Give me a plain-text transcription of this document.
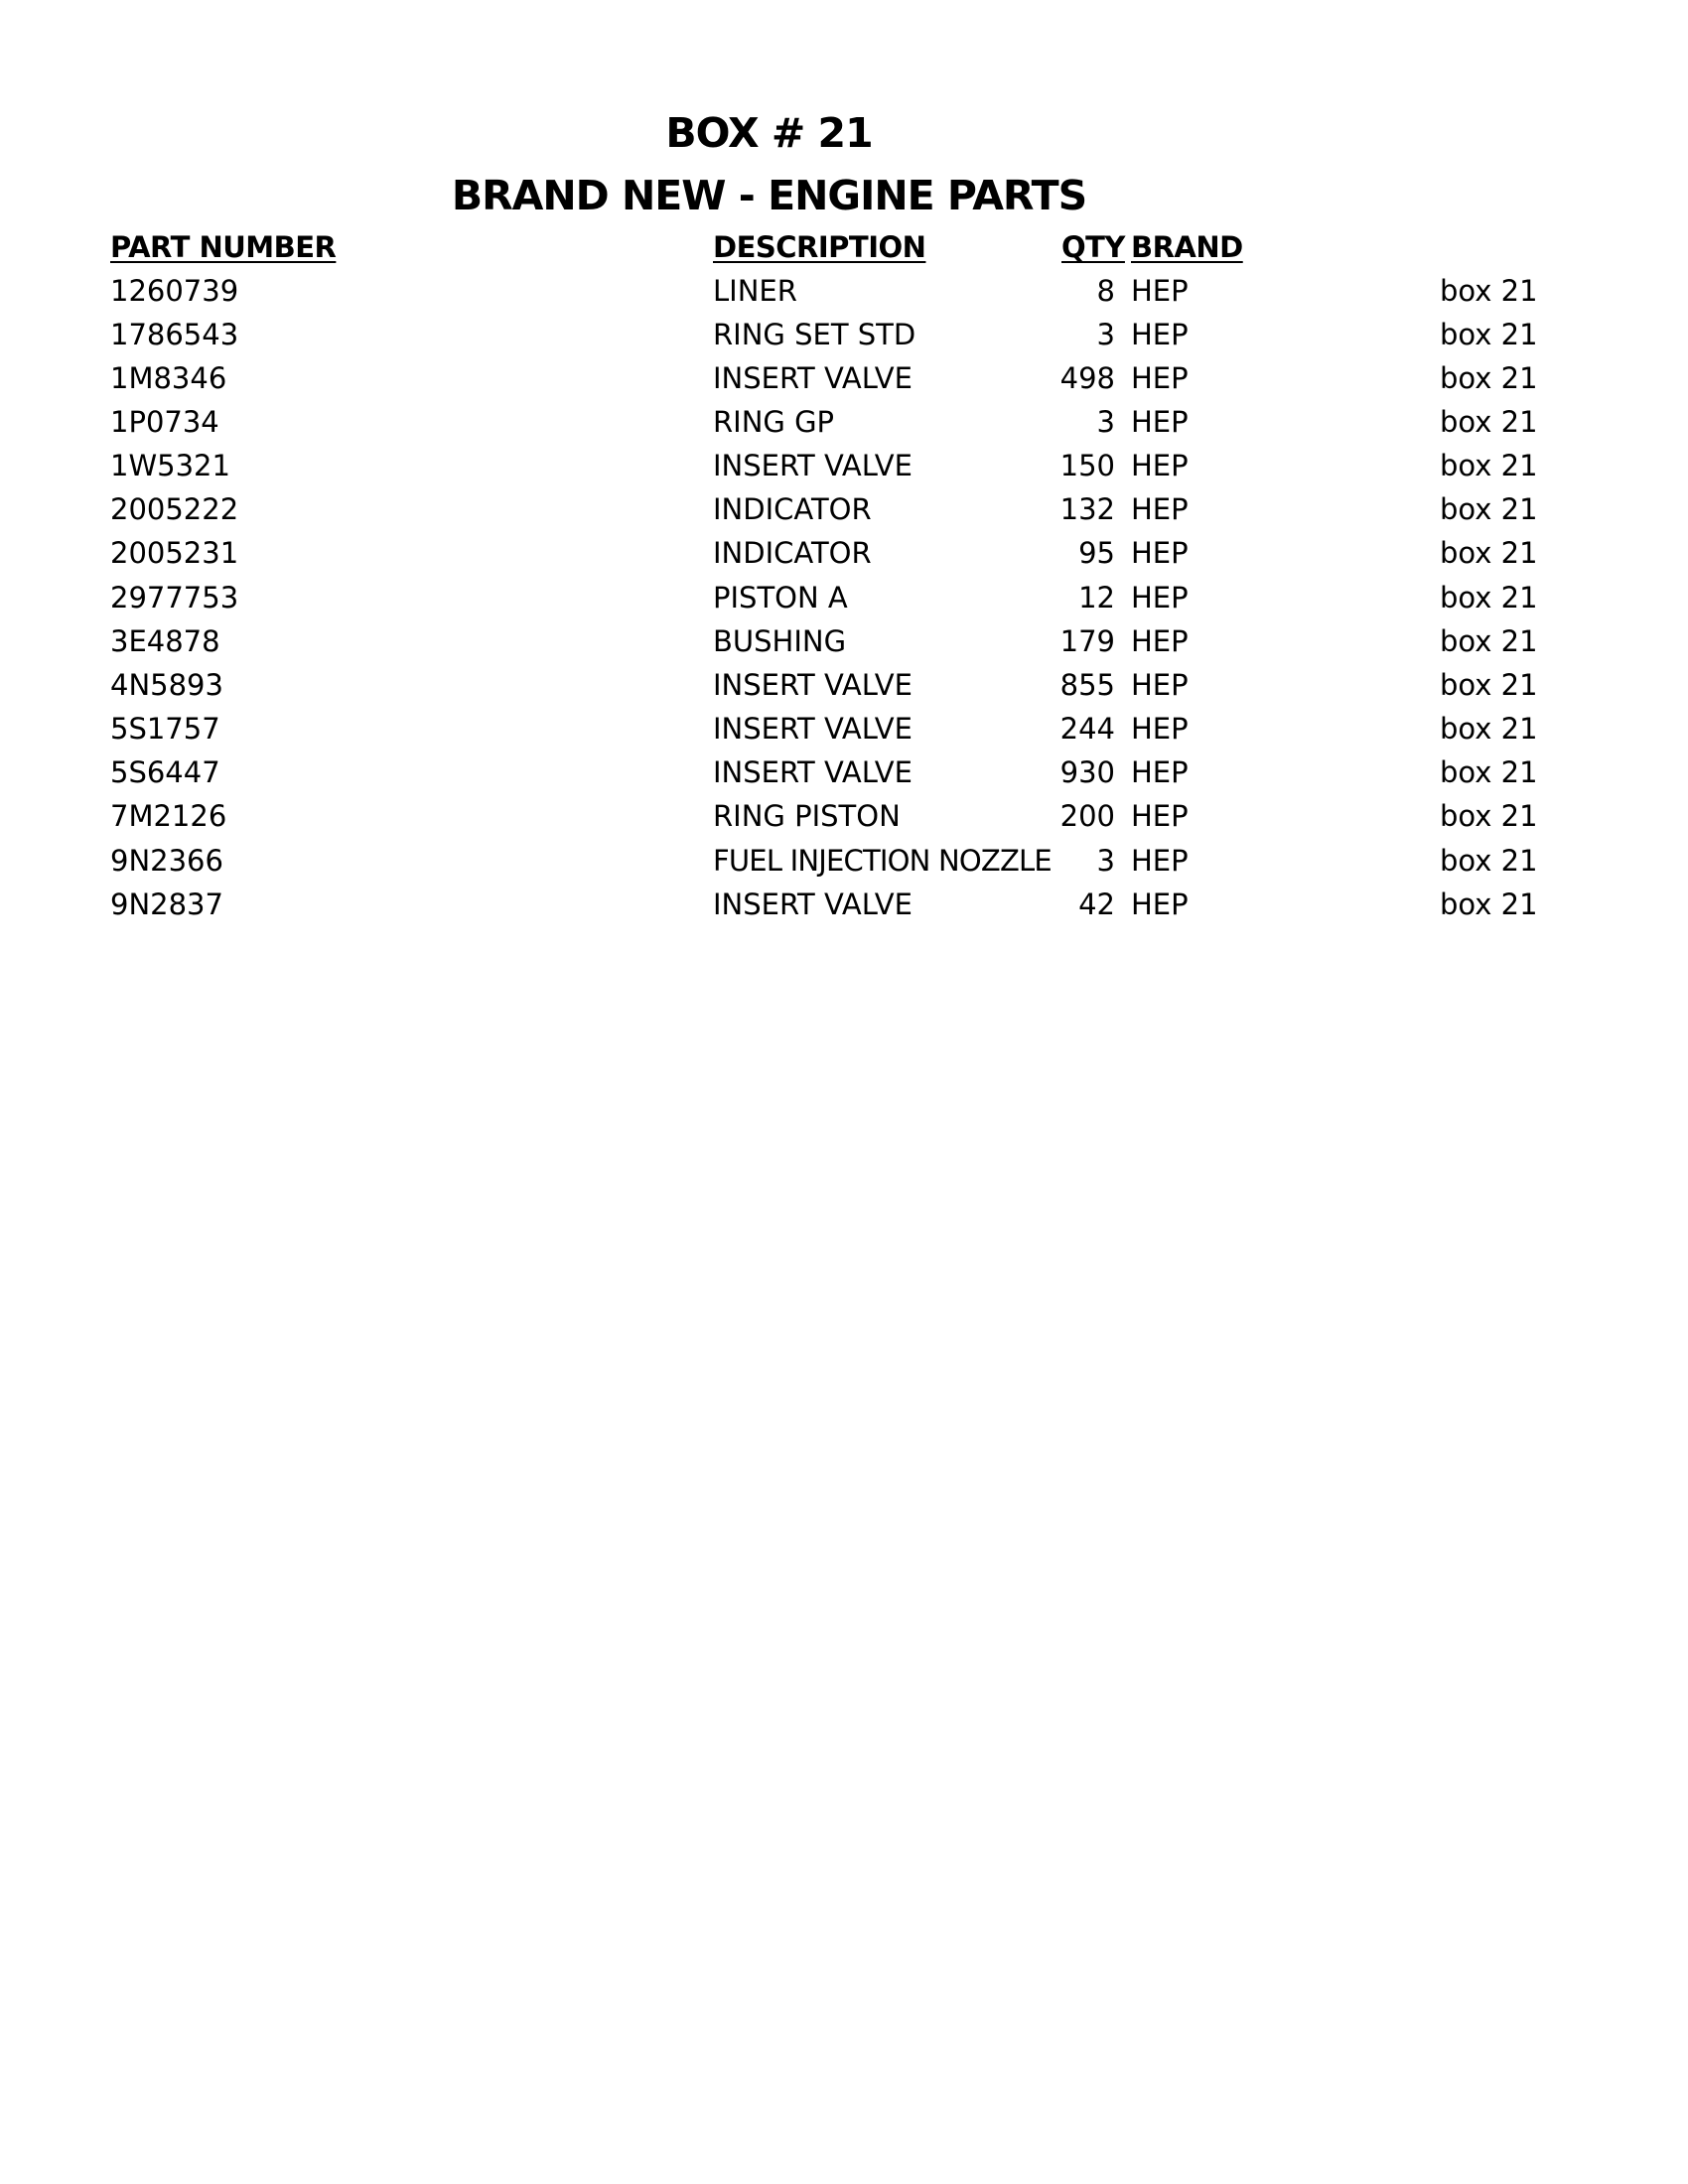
BOX # 21
BRAND NEW - ENGINE PARTS
PART NUMBER	DESCRIPTION	QTY BRAND
1260739	LINER	8 HEP	box 21
1786543	RING SET STD	3 HEP	box 21
1M8346	INSERT VALVE	498 HEP	box 21
1P0734	RING GP	3 HEP	box 21
1W5321	INSERT VALVE	150 HEP	box 21
2005222	INDICATOR	132 HEP	box 21
2005231	INDICATOR	95 HEP	box 21
2977753	PISTON A	12 HEP	box 21
3E4878	BUSHING	179 HEP	box 21
4N5893	INSERT VALVE	855 HEP	box 21
5S1757	INSERT VALVE	244 HEP	box 21
5S6447	INSERT VALVE	930 HEP	box 21
7M2126	RING PISTON	200 HEP	box 21
9N2366	FUEL INJECTION NOZZLE 3 HEP	box 21
9N2837	INSERT VALVE	42 HEP	box 21
